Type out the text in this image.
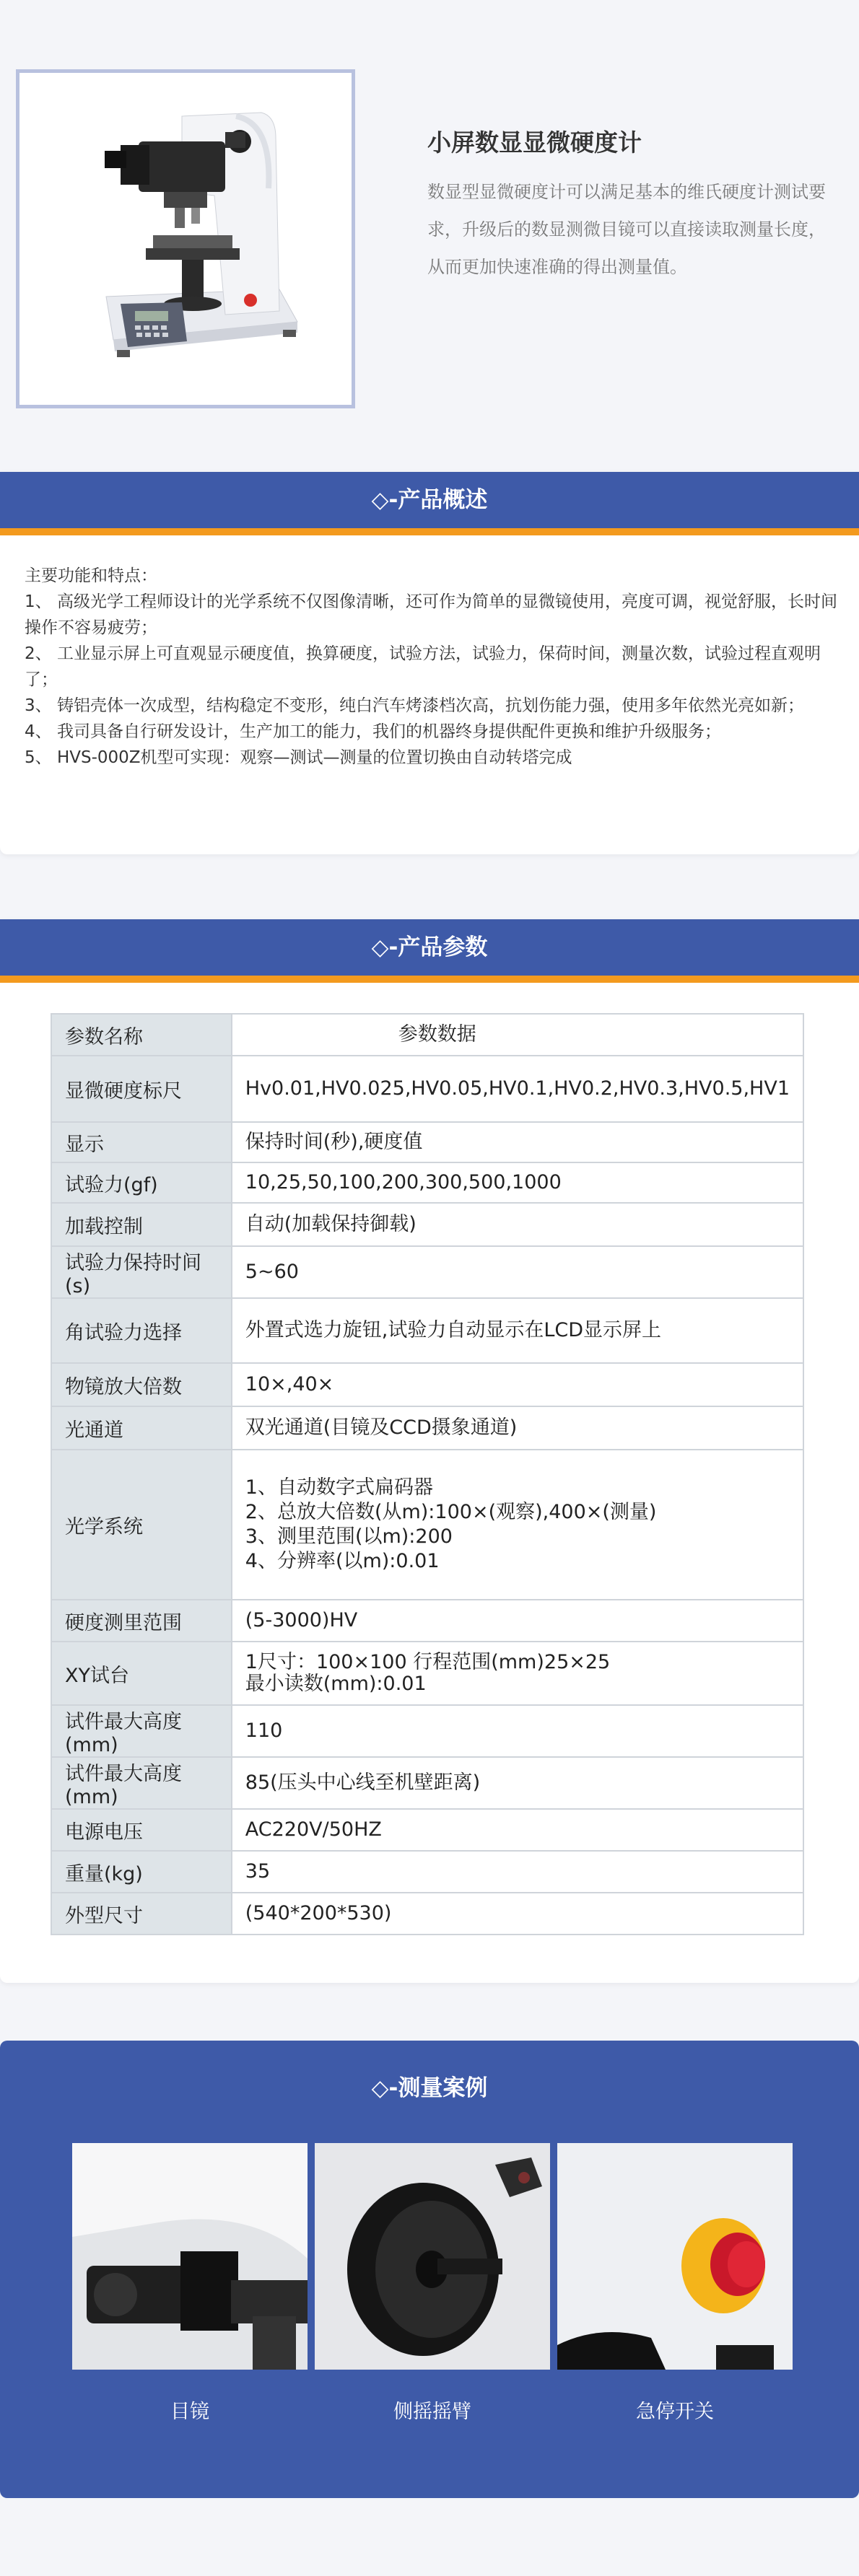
小屏数显显微硬度计
数显型显微硬度计可以满足基本的维氏硬度计测试要求，升级后的数显测微目镜可以直接读取测量长度，从而更加快速准确的得出测量值。
◇-产品概述

主要功能和特点：

1、 高级光学工程师设计的光学系统不仅图像清晰，还可作为简单的显微镜使用，亮度可调，视觉舒服，长时间操作不容易疲劳；

2、 工业显示屏上可直观显示硬度值，换算硬度，试验方法，试验力，保荷时间，测量次数，试验过程直观明了；

3、 铸铝壳体一次成型，结构稳定不变形，纯白汽车烤漆档次高，抗划伤能力强，使用多年依然光亮如新；

4、 我司具备自行研发设计，生产加工的能力，我们的机器终身提供配件更换和维护升级服务；

5、 HVS-000Z机型可实现：观察—测试—测量的位置切换由自动转塔完成

◇-产品参数
参数名称	参数数据
显微硬度标尺	Hv0.01,HV0.025,HV0.05,HV0.1,HV0.2,HV0.3,HV0.5,HV1
显示	保持时间(秒),硬度值
试验力(gf)	10,25,50,100,200,300,500,1000
加载控制	自动(加载保持御载)
试验力保持时间(s)	5~60
角试验力选择	外置式选力旋钮,试验力自动显示在LCD显示屏上
物镜放大倍数	10×,40×
光通道	双光通道(目镜及CCD摄象通道)
光学系统	1、自动数字式扁码器
2、总放大倍数(从m):100×(观察),400×(测量)
3、测里范围(以m):200
4、分辨率(以m):0.01
硬度测里范围	(5-3000)HV
XY试台	1尺寸：100×100 行程范围(mm)25×25
最小读数(mm):0.01
试件最大高度(mm)	110
试件最大高度(mm)	85(压头中心线至机壁距离)
电源电压	AC220V/50HZ
重量(kg)	35
外型尺寸	(540*200*530)
◇-测量案例
目镜	侧摇摇臂	急停开关
